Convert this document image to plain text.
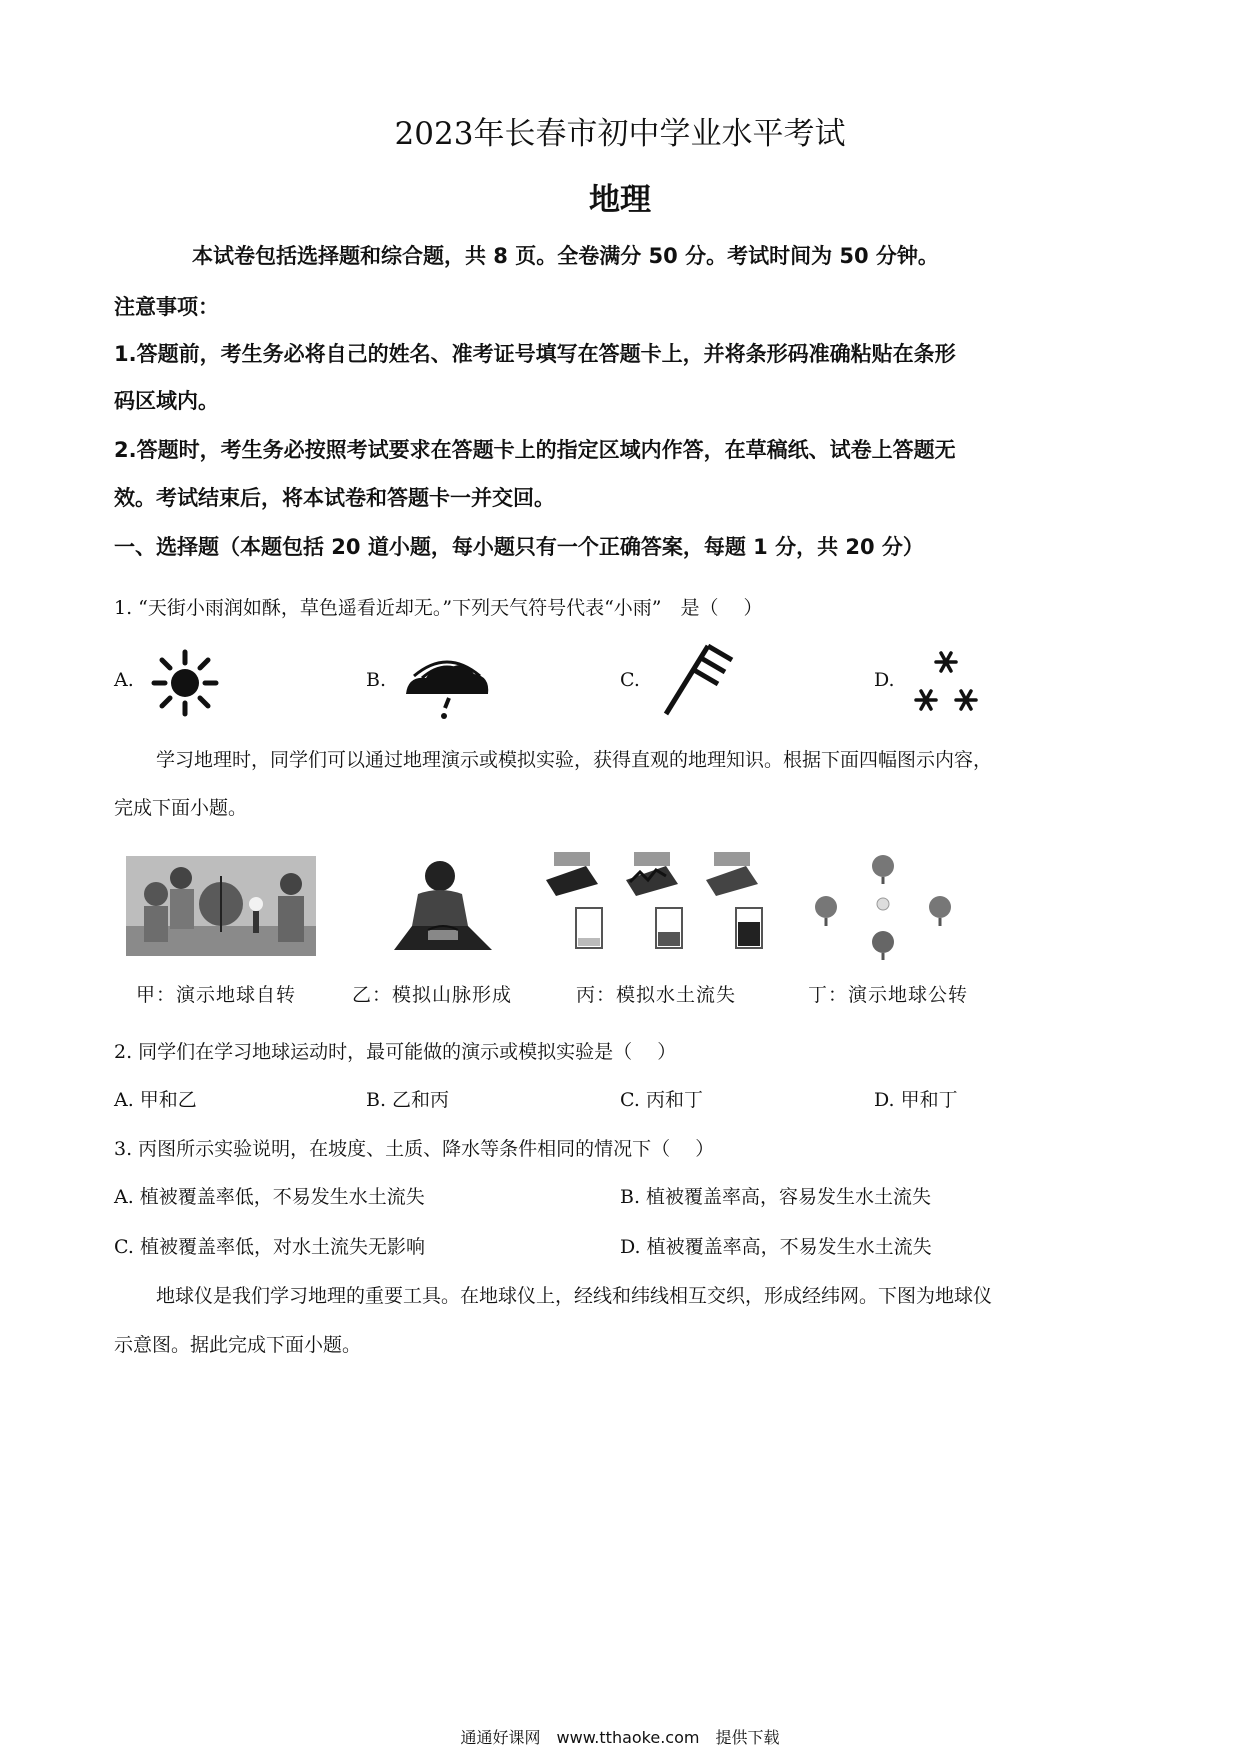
2023年长春市初中学业水平考试
地理
本试卷包括选择题和综合题，共 8 页。全卷满分 50 分。考试时间为 50 分钟。
注意事项：
1.答题前，考生务必将自己的姓名、准考证号填写在答题卡上，并将条形码准确粘贴在条形
码区域内。
2.答题时，考生务必按照考试要求在答题卡上的指定区域内作答，在草稿纸、试卷上答题无
效。考试结束后，将本试卷和答题卡一并交回。
一、选择题（本题包括 20 道小题，每小题只有一个正确答案，每题 1 分，共 20 分）
1. “天街小雨润如酥，草色遥看近却无。”下列天气符号代表“小雨”　是（　 ）
A.	B.	C.	D.
学习地理时，同学们可以通过地理演示或模拟实验，获得直观的地理知识。根据下面四幅图示内容，
完成下面小题。
甲：演示地球自转	乙：模拟山脉形成	丙：模拟水土流失	丁：演示地球公转
2. 同学们在学习地球运动时，最可能做的演示或模拟实验是（　 ）
A. 甲和乙	B. 乙和丙	C. 丙和丁	D. 甲和丁
3. 丙图所示实验说明，在坡度、土质、降水等条件相同的情况下（　 ）
A. 植被覆盖率低，不易发生水土流失	B. 植被覆盖率高，容易发生水土流失
C. 植被覆盖率低，对水土流失无影响	D. 植被覆盖率高，不易发生水土流失
地球仪是我们学习地理的重要工具。在地球仪上，经线和纬线相互交织，形成经纬网。下图为地球仪
示意图。据此完成下面小题。
通通好课网　www.tthaoke.com　提供下载
